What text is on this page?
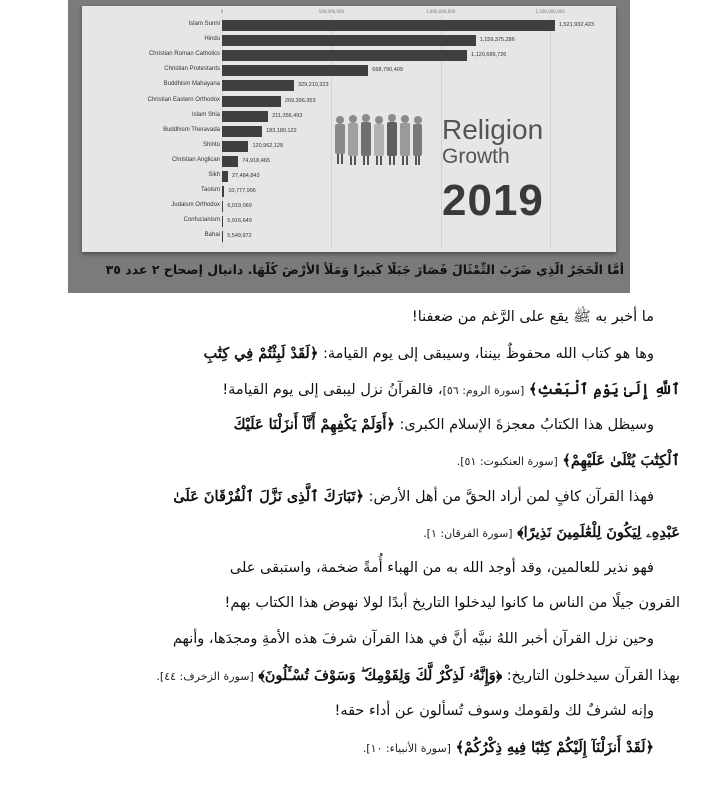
0	500,000,000	1,000,000,000	1,500,000,000
Islam Sunni	1,521,932,423
Hindu	1,159,375,286
Christian Roman Catholics	1,120,689,726
Christian Protestants	668,790,409
Buddhism Mahayana	329,210,323
Christian Eastern Orthodox	269,396,353
Islam Shia	211,356,493
Buddhism Theravada	183,180,122
Shinto	120,962,128
Christian Anglican	74,918,465
Sikh 27,484,843
Taoism 10,777,996
Judaism Orthodox 6,019,069
Confucianism 5,916,649
Bahai 5,549,972
Religion
Growth
2019
أَمَّا الْحَجَرُ الَّذِي ضَرَبَ التِّمْثَالَ فَصَارَ جَبَلًا كَبِيرًا وَمَلَأَ الأَرْضَ كُلَّهَا. دانيال إصحاح ٢ عدد ٣٥
ما أخبر به ﷺ يقع على الرَّغم من ضعفنا!
وها هو كتاب الله محفوظٌ بيننا، وسيبقى إلى يوم القيامة: ﴿لَقَدْ لَبِثْتُمْ فِي كِتَٰبِ
ٱللَّهِ إِلَىٰ يَوْمِ ٱلْبَعْثِ﴾ [سورة الروم: ٥٦]، فالقرآنُ نزل ليبقى إلى يوم القيامة!
وسيظل هذا الكتابُ معجزةَ الإسلام الكبرى: ﴿أَوَلَمْ يَكْفِهِمْ أَنَّآ أَنزَلْنَا عَلَيْكَ
ٱلْكِتَٰبَ يُتْلَىٰ عَلَيْهِمْ﴾ [سورة العنكبوت: ٥١].
فهذا القرآن كافٍ لمن أراد الحقَّ من أهل الأرض: ﴿تَبَارَكَ ٱلَّذِى نَزَّلَ ٱلْفُرْقَانَ عَلَىٰ
عَبْدِهِۦ لِيَكُونَ لِلْعَٰلَمِينَ نَذِيرًا﴾ [سورة الفرقان: ١].
فهو نذير للعالمين، وقد أوجد الله به من الهباء أُمةً ضخمة، واستبقى على
القرون جيلًا من الناس ما كانوا ليدخلوا التاريخ أبدًا لولا نهوض هذا الكتاب بهم!
وحين نزل القرآن أخبر اللهُ نبيَّه أنَّ في هذا القرآن شرفَ هذه الأمةِ ومجدَها، وأنهم
بهذا القرآن سيدخلون التاريخ: ﴿وَإِنَّهُۥ لَذِكْرٌ لَّكَ وَلِقَوْمِكَ ۖ وَسَوْفَ تُسْـَٔلُونَ﴾ [سورة الزخرف: ٤٤].
وإنه لشرفٌ لك ولقومك وسوف تُسألون عن أداء حقه!
﴿لَقَدْ أَنزَلْنَآ إِلَيْكُمْ كِتَٰبًا فِيهِ ذِكْرُكُمْ﴾ [سورة الأنبياء: ١٠].
